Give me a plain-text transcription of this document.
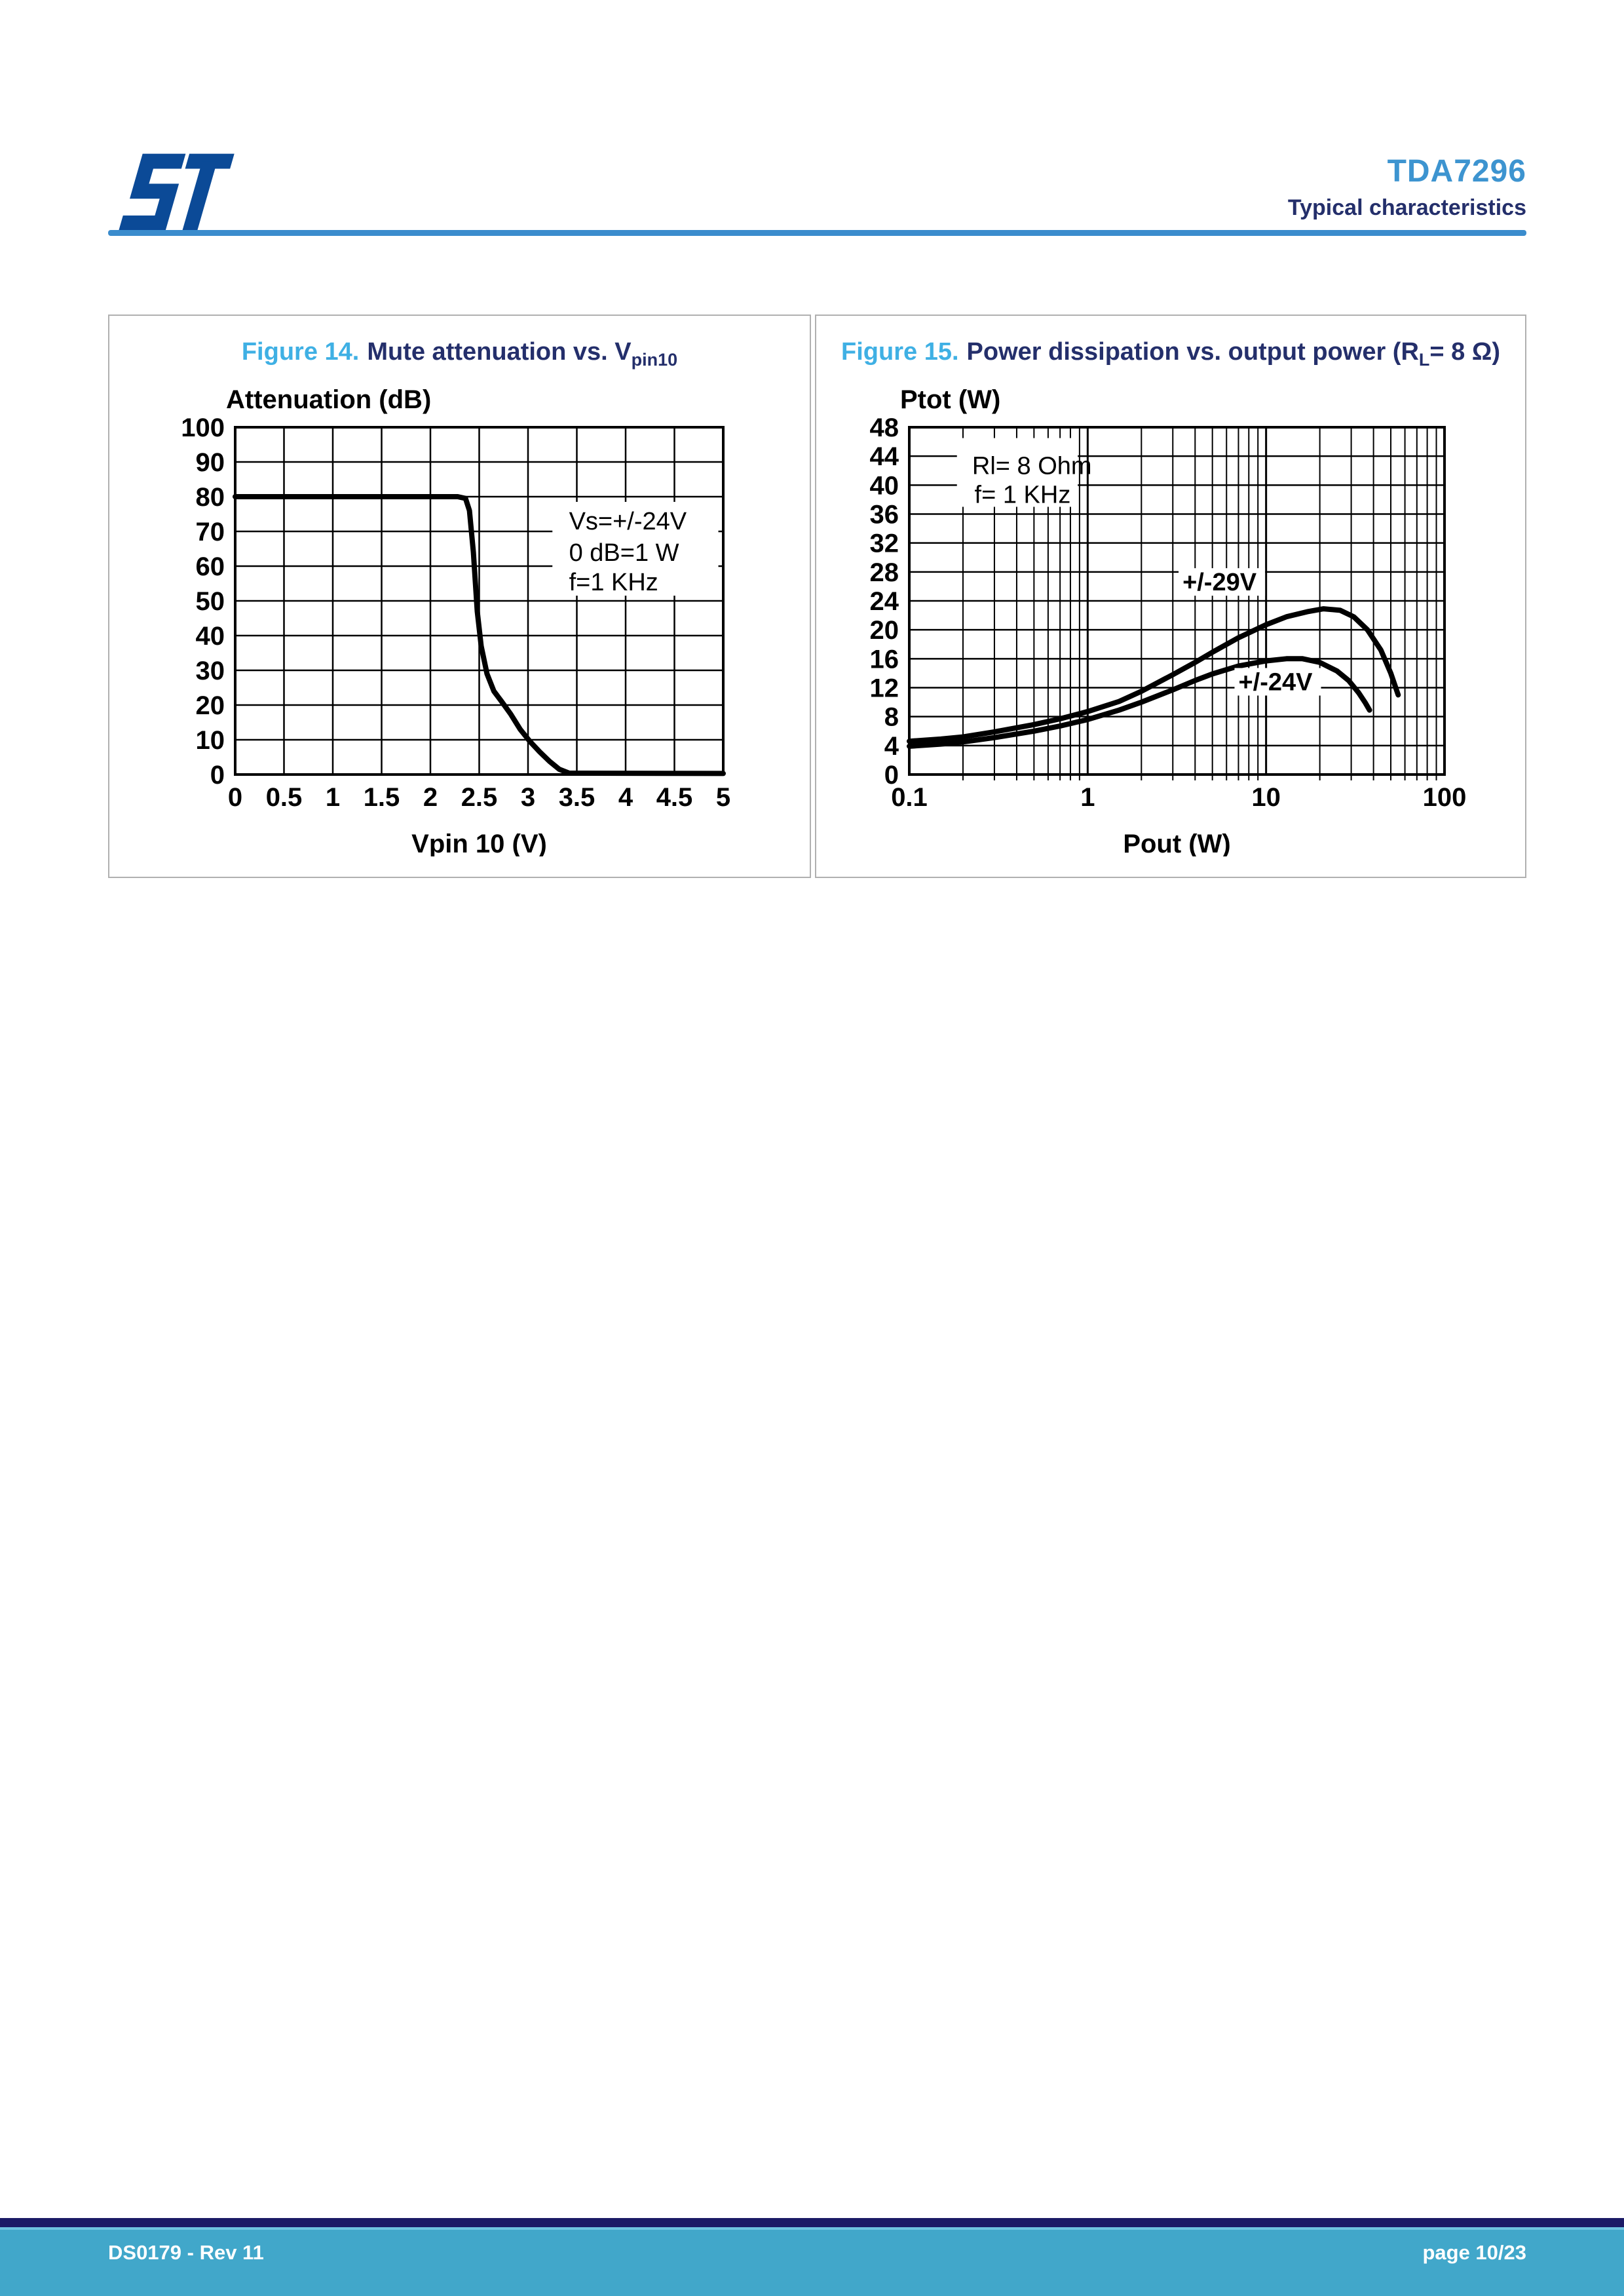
TDA7296
Typical characteristics
Figure 14. Mute attenuation vs. $V_{pin10}$
Vs=+/-24V
0 dB=1 W
f=1 KHz
0
10
20
30
40
50
60
70
80
90
100
0 0.5 1 1.5 2 2.5 3 3.5 4 4.5 5
Attenuation (dB)
Vpin 10 (V)
Figure 15. Power dissipation vs. output power ($R_L= 8$ Ω)
Rl= 8 Ohm
f= 1 KHz
+/-29V
+/-24V
0
4
8
12
16
20
24
28
32
36
40
44
48
0.1	1	10	100
Ptot (W)
Pout (W)
DS0179 - Rev 11	page 10/23
